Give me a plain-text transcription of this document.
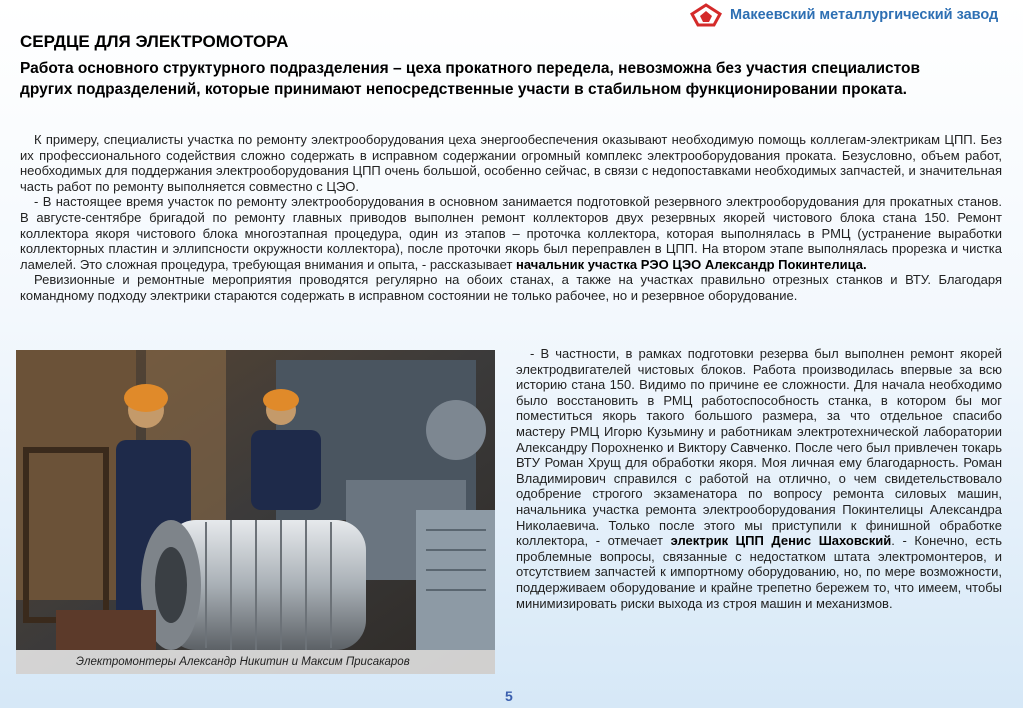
Макеевский металлургический завод
СЕРДЦЕ ДЛЯ ЭЛЕКТРОМОТОРА
Работа основного структурного подразделения – цеха прокатного передела, невозможна без участия специалистов других подразделений, которые принимают непосредственные участи в стабильном функционировании проката.

К примеру, специалисты участка по ремонту электрооборудования цеха энергообеспечения оказывают необходимую помощь коллегам-электрикам ЦПП. Без их профессионального содействия сложно содержать в исправном содержании огромный комплекс электрооборудования проката. Безусловно, объем работ, необходимых для поддержания электрооборудования ЦПП очень большой, особенно сейчас, в связи с недопоставками необходимых запчастей, и значительная часть работ по ремонту выполняется совместно с ЦЭО.

- В настоящее время участок по ремонту электрооборудования в основном занимается подготовкой резервного электрооборудования для прокатных станов. В августе-сентябре бригадой по ремонту главных приводов выполнен ремонт коллекторов двух резервных якорей чистового блока стана 150. Ремонт коллектора якоря чистового блока многоэтапная процедура, один из этапов – проточка коллектора, которая выполнялась в РМЦ (устранение выработки коллекторных пластин и эллипсности окружности коллектора), после проточки якорь был переправлен в ЦПП. На втором этапе выполнялась прорезка и чистка ламелей. Это сложная процедура, требующая внимания и опыта, - рассказывает начальник участка РЭО ЦЭО Александр Покинтелица.

Ревизионные и ремонтные мероприятия проводятся регулярно на обоих станах, а также на участках правильно отрезных станков и ВТУ. Благодаря командному подходу электрики стараются содержать в исправном состоянии не только рабочее, но и резервное оборудование.

Электромонтеры Александр Никитин и Максим Присакаров

- В частности, в рамках подготовки резерва был выполнен ремонт якорей электродвигателей чистовых блоков. Работа производилась впервые за всю историю стана 150. Видимо по причине ее сложности. Для начала необходимо было восстановить в РМЦ работоспособность станка, в котором бы мог поместиться якорь такого большого размера, за что отдельное спасибо мастеру РМЦ Игорю Кузьмину и работникам электротехнической лаборатории Александру Порохненко и Виктору Савченко. После чего был привлечен токарь ВТУ Роман Хрущ для обработки якоря. Моя личная ему благодарность. Роман Владимирович справился с работой на отлично, о чем свидетельствовало одобрение строгого экзаменатора по вопросу ремонта силовых машин, начальника участка ремонта электрооборудования Покинтелицы Александра Николаевича. Только после этого мы приступили к финишной обработке коллектора, - отмечает электрик ЦПП Денис Шаховский. - Конечно, есть проблемные вопросы, связанные с недостатком штата электромонтеров, и отсутствием запчастей к импортному оборудованию, но, по мере возможности, поддерживаем оборудование и крайне трепетно бережем то, что имеем, чтобы минимизировать риски выхода из строя машин и механизмов.

5
